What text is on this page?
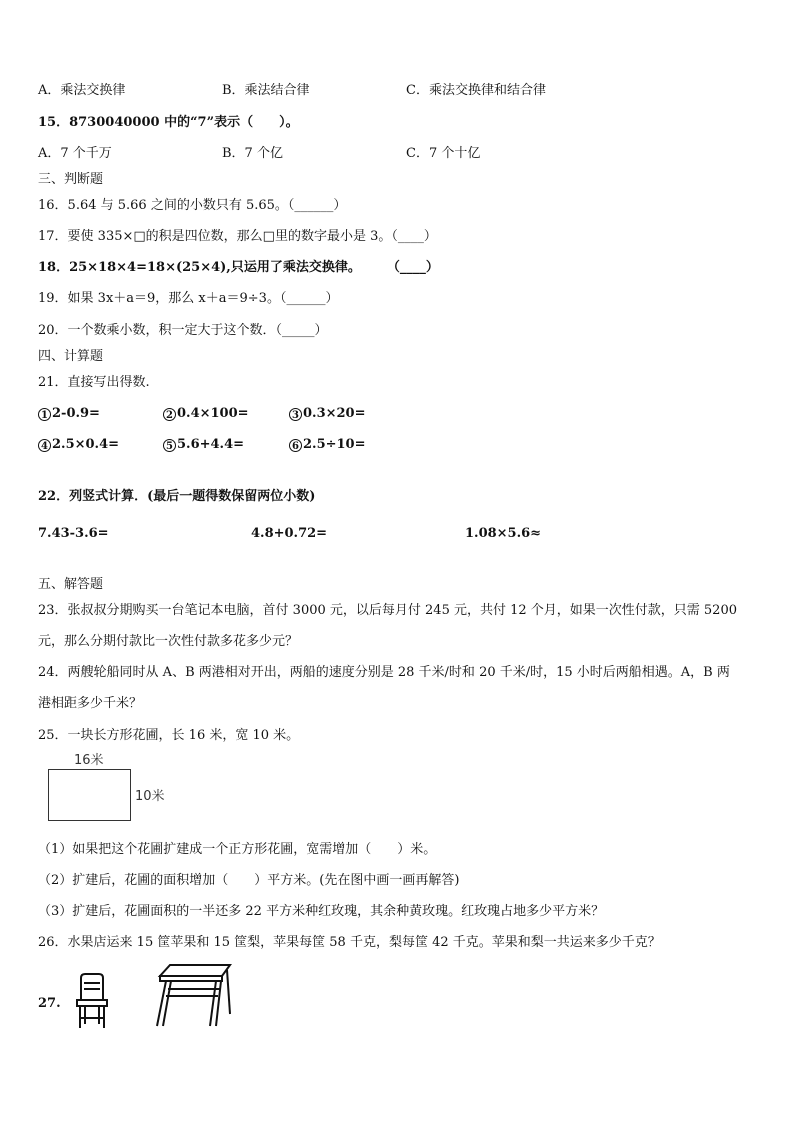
A．乘法交换律	B．乘法结合律	C．乘法交换律和结合律
15．8730040000 中的“7”表示（　　）。
A．7 个千万	B．7 个亿	C．7 个十亿
三、判断题
16．5.64 与 5.66 之间的小数只有 5.65。（______）
17．要使 335×□的积是四位数，那么□里的数字最小是 3。（____）
18．25×18×4=18×(25×4),只运用了乘法交换律。　　　（____）
19．如果 3x＋a＝9，那么 x＋a＝9÷3。（______）
20．一个数乘小数，积一定大于这个数．（_____）
四、计算题
21．直接写出得数.
1 2-0.9=	2 0.4×100=	3 0.3×20=
4 2.5×0.4=	5 5.6+4.4=	6 2.5÷10=
22．列竖式计算．(最后一题得数保留两位小数)
7.43-3.6=	4.8+0.72=	1.08×5.6≈
五、解答题
23．张叔叔分期购买一台笔记本电脑，首付 3000 元，以后每月付 245 元，共付 12 个月，如果一次性付款，只需 5200
元，那么分期付款比一次性付款多花多少元？
24．两艘轮船同时从 A、B 两港相对开出，两船的速度分别是 28 千米/时和 20 千米/时，15 小时后两船相遇。A，B 两
港相距多少千米？
25．一块长方形花圃，长 16 米，宽 10 米。
16米
10米
（1）如果把这个花圃扩建成一个正方形花圃，宽需增加（　　）米。
（2）扩建后，花圃的面积增加（　　）平方米。(先在图中画一画再解答)
（3）扩建后，花圃面积的一半还多 22 平方米种红玫瑰，其余种黄玫瑰。红玫瑰占地多少平方米？
26．水果店运来 15 筐苹果和 15 筐梨，苹果每筐 58 千克，梨每筐 42 千克。苹果和梨一共运来多少千克？
27.
